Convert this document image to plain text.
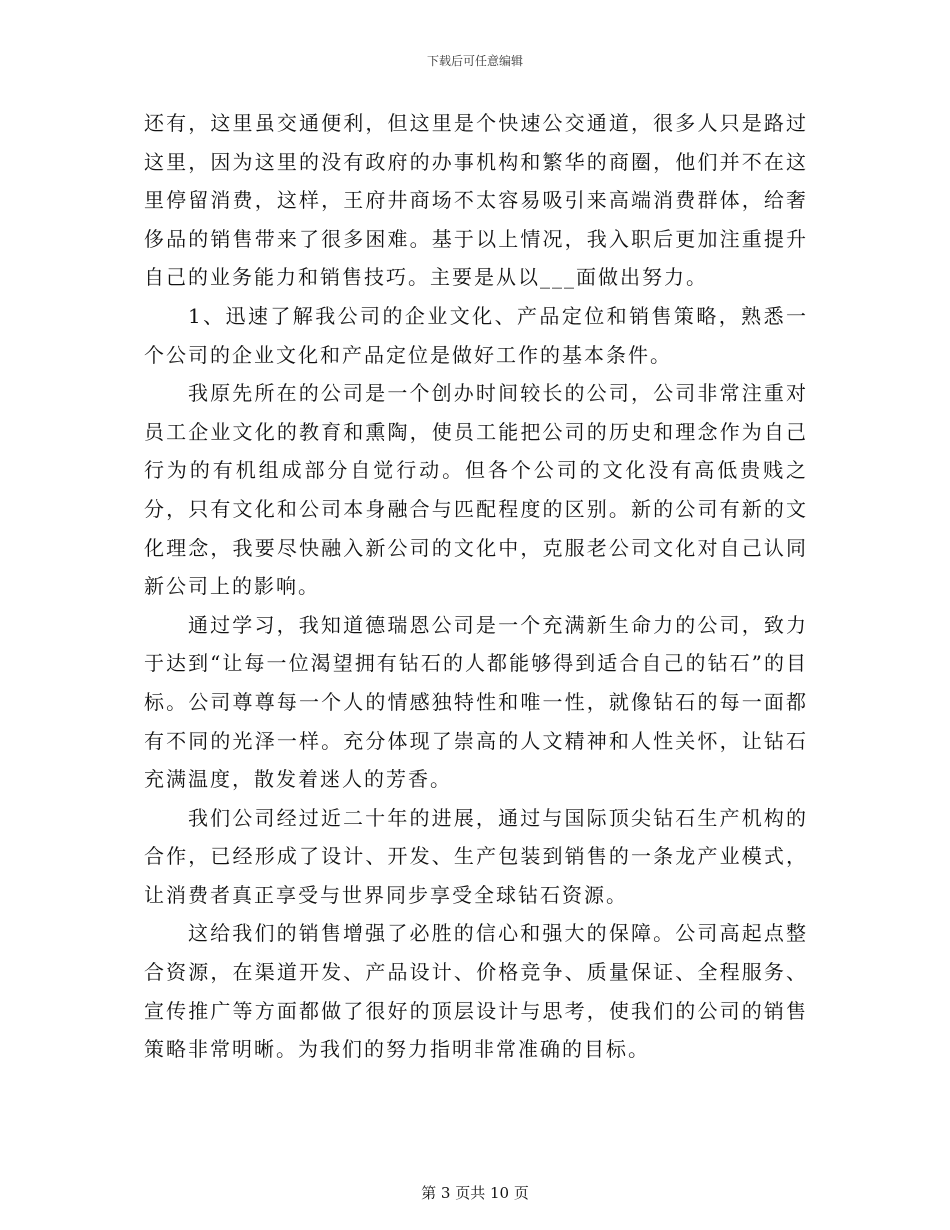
下载后可任意编辑

还有，这里虽交通便利，但这里是个快速公交通道，很多人只是路过这里，因为这里的没有政府的办事机构和繁华的商圈，他们并不在这里停留消费，这样，王府井商场不太容易吸引来高端消费群体，给奢侈品的销售带来了很多困难。基于以上情况，我入职后更加注重提升自己的业务能力和销售技巧。主要是从以___面做出努力。

1、迅速了解我公司的企业文化、产品定位和销售策略，熟悉一个公司的企业文化和产品定位是做好工作的基本条件。

我原先所在的公司是一个创办时间较长的公司，公司非常注重对员工企业文化的教育和熏陶，使员工能把公司的历史和理念作为自己行为的有机组成部分自觉行动。但各个公司的文化没有高低贵贱之分，只有文化和公司本身融合与匹配程度的区别。新的公司有新的文化理念，我要尽快融入新公司的文化中，克服老公司文化对自己认同新公司上的影响。

通过学习，我知道德瑞恩公司是一个充满新生命力的公司，致力于达到“让每一位渴望拥有钻石的人都能够得到适合自己的钻石”的目标。公司尊尊每一个人的情感独特性和唯一性，就像钻石的每一面都有不同的光泽一样。充分体现了崇高的人文精神和人性关怀，让钻石充满温度，散发着迷人的芳香。

我们公司经过近二十年的进展，通过与国际顶尖钻石生产机构的合作，已经形成了设计、开发、生产包装到销售的一条龙产业模式，让消费者真正享受与世界同步享受全球钻石资源。

这给我们的销售增强了必胜的信心和强大的保障。公司高起点整合资源，在渠道开发、产品设计、价格竞争、质量保证、全程服务、宣传推广等方面都做了很好的顶层设计与思考，使我们的公司的销售策略非常明晰。为我们的努力指明非常准确的目标。

第 3 页共 10 页
